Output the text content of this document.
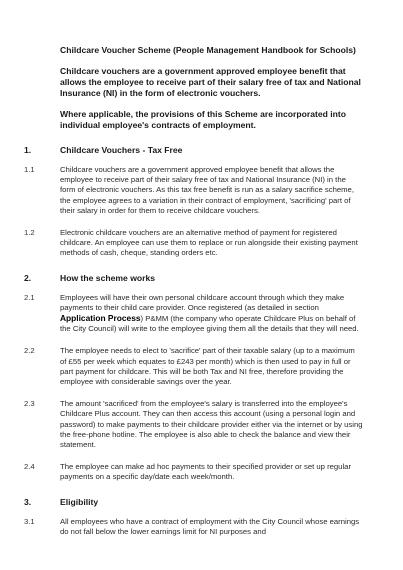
Childcare Voucher Scheme (People Management Handbook for Schools)

Childcare vouchers are a government approved employee benefit that allows the employee to receive part of their salary free of tax and National Insurance (NI) in the form of electronic vouchers.

Where applicable, the provisions of this Scheme are incorporated into individual employee's contracts of employment.

1.	Childcare Vouchers - Tax Free
1.1	Childcare vouchers are a government approved employee benefit that allows the employee to receive part of their salary free of tax and National Insurance (NI) in the form of electronic vouchers. As this tax free benefit is run as a salary sacrifice scheme, the employee agrees to a variation in their contract of employment, 'sacrificing' part of their salary in order for them to receive childcare vouchers.
1.2	Electronic childcare vouchers are an alternative method of payment for registered childcare. An employee can use them to replace or run alongside their existing payment methods of cash, cheque, standing orders etc.
2.	How the scheme works
2.1	Employees will have their own personal childcare account through which they make payments to their child care provider. Once registered (as detailed in section Application Process) P&MM (the company who operate Childcare Plus on behalf of the City Council) will write to the employee giving them all the details that they will need.
2.2	The employee needs to elect to 'sacrifice' part of their taxable salary (up to a maximum of £55 per week which equates to £243 per month) which is then used to pay in full or part payment for childcare. This will be both Tax and NI free, therefore providing the employee with considerable savings over the year.
2.3	The amount 'sacrificed' from the employee's salary is transferred into the employee's Childcare Plus account. They can then access this account (using a personal login and password) to make payments to their childcare provider either via the internet or by using the free-phone hotline. The employee is also able to check the balance and view their statement.
2.4	The employee can make ad hoc payments to their specified provider or set up regular payments on a specific day/date each week/month.
3.	Eligibility
3.1	All employees who have a contract of employment with the City Council whose earnings do not fall below the lower earnings limit for NI purposes and
